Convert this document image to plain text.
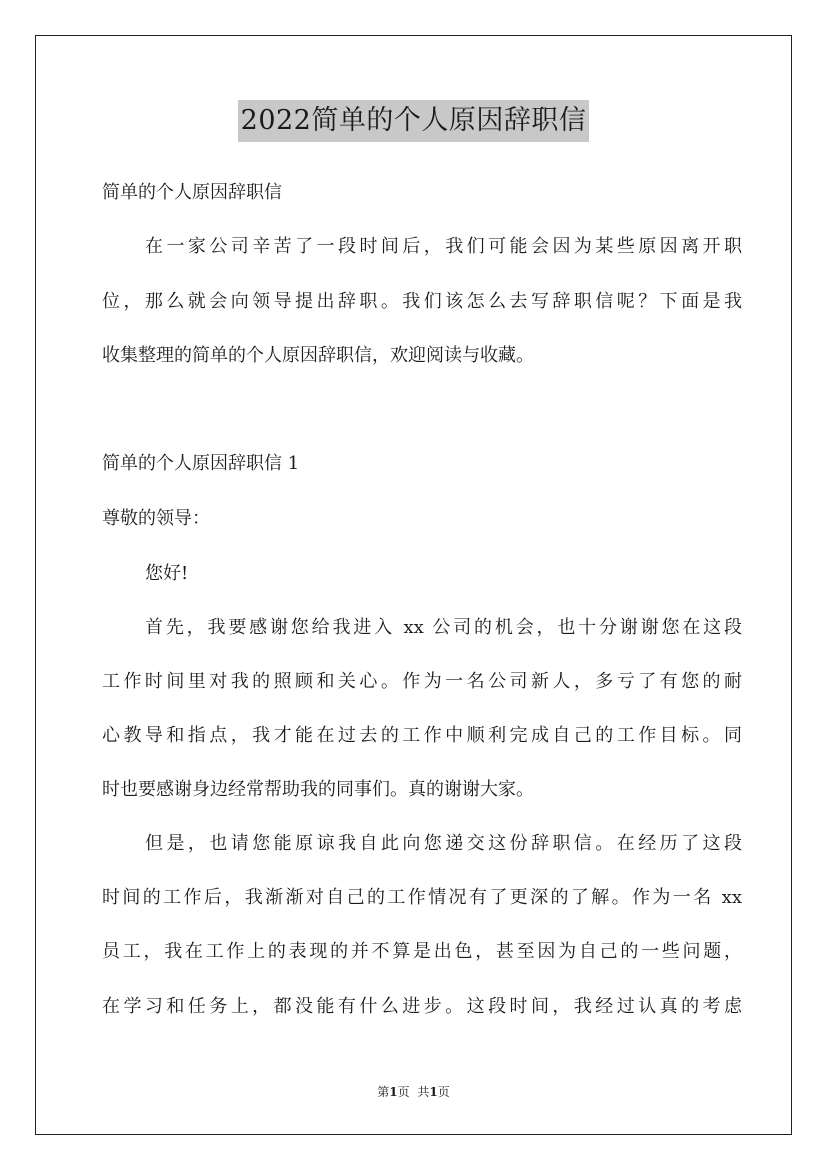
2022简单的个人原因辞职信
简单的个人原因辞职信
在一家公司辛苦了一段时间后，我们可能会因为某些原因离开职
位，那么就会向领导提出辞职。我们该怎么去写辞职信呢？下面是我
收集整理的简单的个人原因辞职信，欢迎阅读与收藏。
简单的个人原因辞职信 1
尊敬的领导：
您好!
首先，我要感谢您给我进入 xx 公司的机会，也十分谢谢您在这段
工作时间里对我的照顾和关心。作为一名公司新人，多亏了有您的耐
心教导和指点，我才能在过去的工作中顺利完成自己的工作目标。同
时也要感谢身边经常帮助我的同事们。真的谢谢大家。
但是，也请您能原谅我自此向您递交这份辞职信。在经历了这段
时间的工作后，我渐渐对自己的工作情况有了更深的了解。作为一名 xx
员工，我在工作上的表现的并不算是出色，甚至因为自己的一些问题，
在学习和任务上，都没能有什么进步。这段时间，我经过认真的考虑
第1页 共1页
